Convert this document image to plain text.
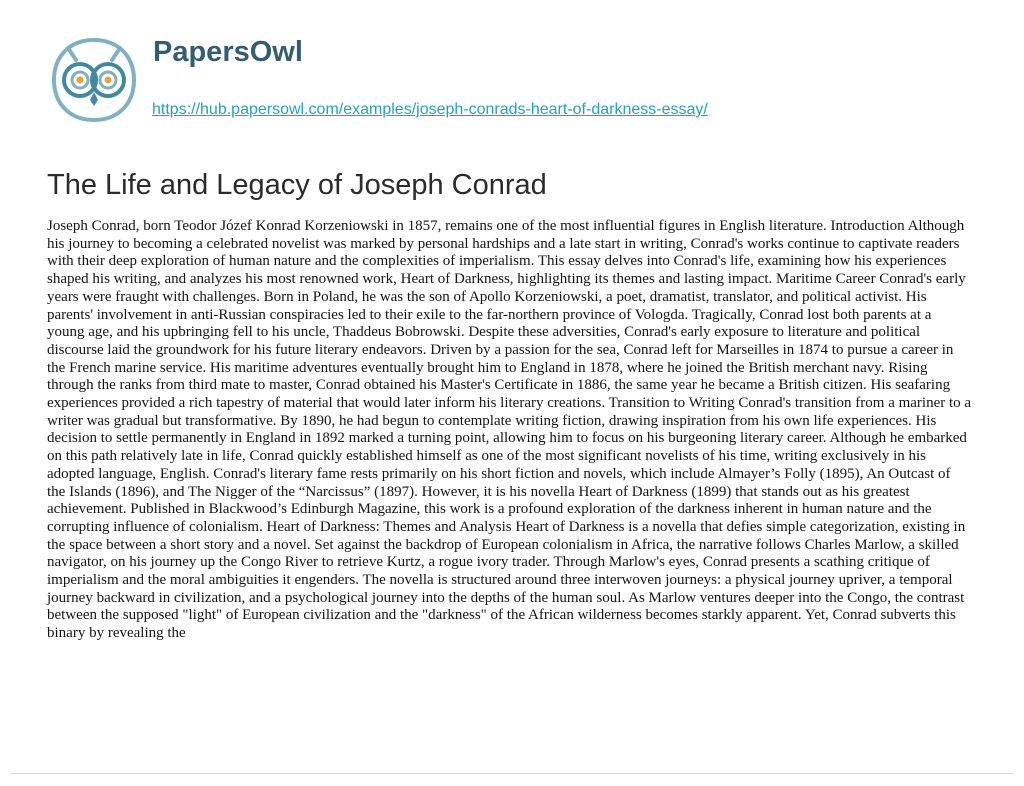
PapersOwl
https://hub.papersowl.com/examples/joseph-conrads-heart-of-darkness-essay/
The Life and Legacy of Joseph Conrad

Joseph Conrad, born Teodor Józef Konrad Korzeniowski in 1857, remains one of the most influential figures in English literature. Introduction Although his journey to becoming a celebrated novelist was marked by personal hardships and a late start in writing, Conrad's works continue to captivate readers with their deep exploration of human nature and the complexities of imperialism. This essay delves into Conrad's life, examining how his experiences shaped his writing, and analyzes his most renowned work, Heart of Darkness, highlighting its themes and lasting impact. Maritime Career Conrad's early years were fraught with challenges. Born in Poland, he was the son of Apollo Korzeniowski, a poet, dramatist, translator, and political activist. His parents' involvement in anti-Russian conspiracies led to their exile to the far-northern province of Vologda. Tragically, Conrad lost both parents at a young age, and his upbringing fell to his uncle, Thaddeus Bobrowski. Despite these adversities, Conrad's early exposure to literature and political discourse laid the groundwork for his future literary endeavors. Driven by a passion for the sea, Conrad left for Marseilles in 1874 to pursue a career in the French marine service. His maritime adventures eventually brought him to England in 1878, where he joined the British merchant navy. Rising through the ranks from third mate to master, Conrad obtained his Master's Certificate in 1886, the same year he became a British citizen. His seafaring experiences provided a rich tapestry of material that would later inform his literary creations. Transition to Writing Conrad's transition from a mariner to a writer was gradual but transformative. By 1890, he had begun to contemplate writing fiction, drawing inspiration from his own life experiences. His decision to settle permanently in England in 1892 marked a turning point, allowing him to focus on his burgeoning literary career. Although he embarked on this path relatively late in life, Conrad quickly established himself as one of the most significant novelists of his time, writing exclusively in his adopted language, English. Conrad's literary fame rests primarily on his short fiction and novels, which include Almayer’s Folly (1895), An Outcast of the Islands (1896), and The Nigger of the “Narcissus” (1897). However, it is his novella Heart of Darkness (1899) that stands out as his greatest achievement. Published in Blackwood’s Edinburgh Magazine, this work is a profound exploration of the darkness inherent in human nature and the corrupting influence of colonialism. Heart of Darkness: Themes and Analysis Heart of Darkness is a novella that defies simple categorization, existing in the space between a short story and a novel. Set against the backdrop of European colonialism in Africa, the narrative follows Charles Marlow, a skilled navigator, on his journey up the Congo River to retrieve Kurtz, a rogue ivory trader. Through Marlow's eyes, Conrad presents a scathing critique of imperialism and the moral ambiguities it engenders. The novella is structured around three interwoven journeys: a physical journey upriver, a temporal journey backward in civilization, and a psychological journey into the depths of the human soul. As Marlow ventures deeper into the Congo, the contrast between the supposed "light" of European civilization and the "darkness" of the African wilderness becomes starkly apparent. Yet, Conrad subverts this binary by revealing the
